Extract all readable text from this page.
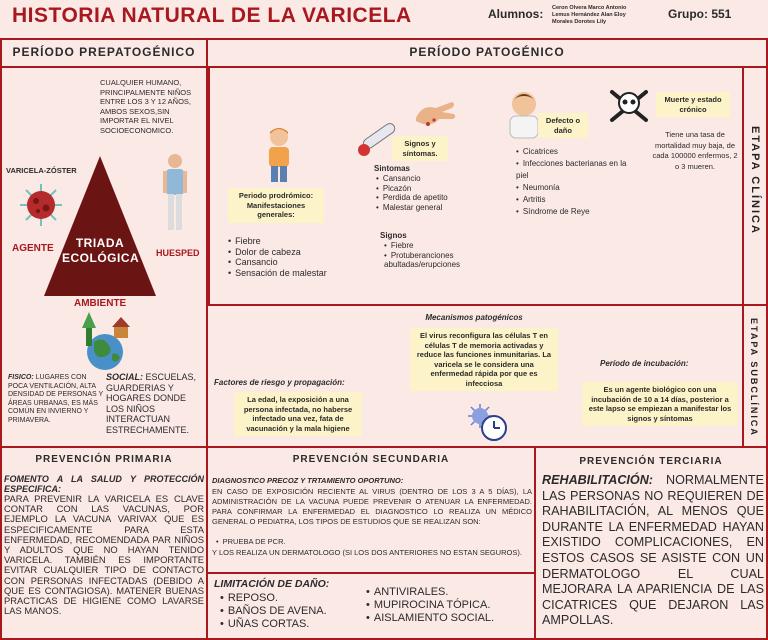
HISTORIA NATURAL DE LA VARICELA	Alumnos: Ceron Olvera Marco Antonio
Lemus Hernández Alan Eloy
Morales Dorotes Lily
Grupo: 551
PERÍODO PREPATOGÉNICO
CUALQUIER HUMANO, PRINCIPALMENTE NIÑOS ENTRE LOS 3 Y 12 AÑOS, AMBOS SEXOS,SIN IMPORTAR EL NIVEL SOCIOECONOMICO.
VARICELA-ZÓSTER
TRIADA ECOLÓGICA
AGENTE	HUESPED
AMBIENTE
FISICO: LUGARES CON POCA VENTILACIÓN, ALTA DENSIDAD DE PERSONAS Y ÁREAS URBANAS, ES MÁS COMÚN EN INVIERNO Y PRIMAVERA.
SOCIAL: ESCUELAS, GUARDERIAS Y HOGARES DONDE LOS NIÑOS INTERACTUAN ESTRECHAMENTE.
PERÍODO PATOGÉNICO
ETAPA CLÍNICA
ETAPA SUBCLÍNICA
Periodo prodrómico: Manifestaciones generales:
• Fiebre
• Dolor de cabeza
• Cansancio
• Sensación de malestar
Signos y síntomas.
Sintomas
• Cansancio
• Picazón
• Perdida de apetito
• Malestar general
Signos
• Fiebre
• Protuberanciones abultadas/erupciones
Defecto o daño
• Cicatrices
• Infecciones bacterianas en la piel
• Neumonía
• Artritis
• Síndrome de Reye
Muerte y estado crónico
Tiene una tasa de mortalidad muy baja, de cada 100000 enfermos, 2 o 3 mueren.
Mecanismos patogénicos
El virus reconfigura las células T en células T de memoria activadas y reduce las funciones inmunitarias. La varicela se le considera una enfermedad rápida por que es infecciosa
Factores de riesgo y propagación:
La edad, la exposición a una persona infectada, no haberse infectado una vez, fata de vacunación y la mala higiene
Período de incubación:
Es un agente biológico con una incubación de 10 a 14 días, posterior a este lapso se empiezan a manifestar los signos y síntomas
PREVENCIÓN PRIMARIA
FOMENTO A LA SALUD Y PROTECCIÓN ESPECIFICA:
PARA PREVENIR LA VARICELA ES CLAVE CONTAR CON LAS VACUNAS, POR EJEMPLO LA VACUNA VARIVAX QUE ES ESPECIFICAMENTE PARA ESTA ENFERMEDAD, RECOMENDADA PAR NIÑOS Y ADULTOS QUE NO HAYAN TENIDO VARICELA. TAMBIÉN ES IMPORTANTE EVITAR CUALQUIER TIPO DE CONTACTO CON PERSONAS INFECTADAS (DEBIDO A QUE ES CONTAGIOSA). MATENER BUENAS PRACTICAS DE HIGIENE COMO LAVARSE LAS MANOS.
PREVENCIÓN SECUNDARIA
DIAGNOSTICO PRECOZ Y TRTAMIENTO OPORTUNO:
EN CASO DE EXPOSICIÓN RECIENTE AL VIRUS (DENTRO DE LOS 3 A 5 DÍAS), LA ADMINISTRACIÓN DE LA VACUNA PUEDE PREVENIR O ATENUAR LA ENFERMEDAD. PARA CONFIRMAR LA ENFERMEDAD EL DIAGNOSTICO LO REALIZA UN MÉDICO GENERAL O PEDIATRA, LOS TIPOS DE ESTUDIOS QUE SE REALIZAN SON:
• PRUEBA DE PCR.
Y LOS REALIZA UN DERMATOLOGO (SI LOS DOS ANTERIORES NO ESTAN SEGUROS).
LIMITACIÓN DE DAÑO:
• REPOSO.
• BAÑOS DE AVENA.
• UÑAS CORTAS.
• ANTIVIRALES.
• MUPIROCINA TÓPICA.
• AISLAMIENTO SOCIAL.
PREVENCIÓN TERCIARIA
REHABILITACIÓN: NORMALMENTE LAS PERSONAS NO REQUIEREN DE RAHABILITACIÓN, AL MENOS QUE DURANTE LA ENFERMEDAD HAYAN EXISTIDO COMPLICACIONES, EN ESTOS CASOS SE ASISTE CON UN DERMATOLOGO EL CUAL MEJORARA LA APARIENCIA DE LAS CICATRICES QUE DEJARON LAS AMPOLLAS.
